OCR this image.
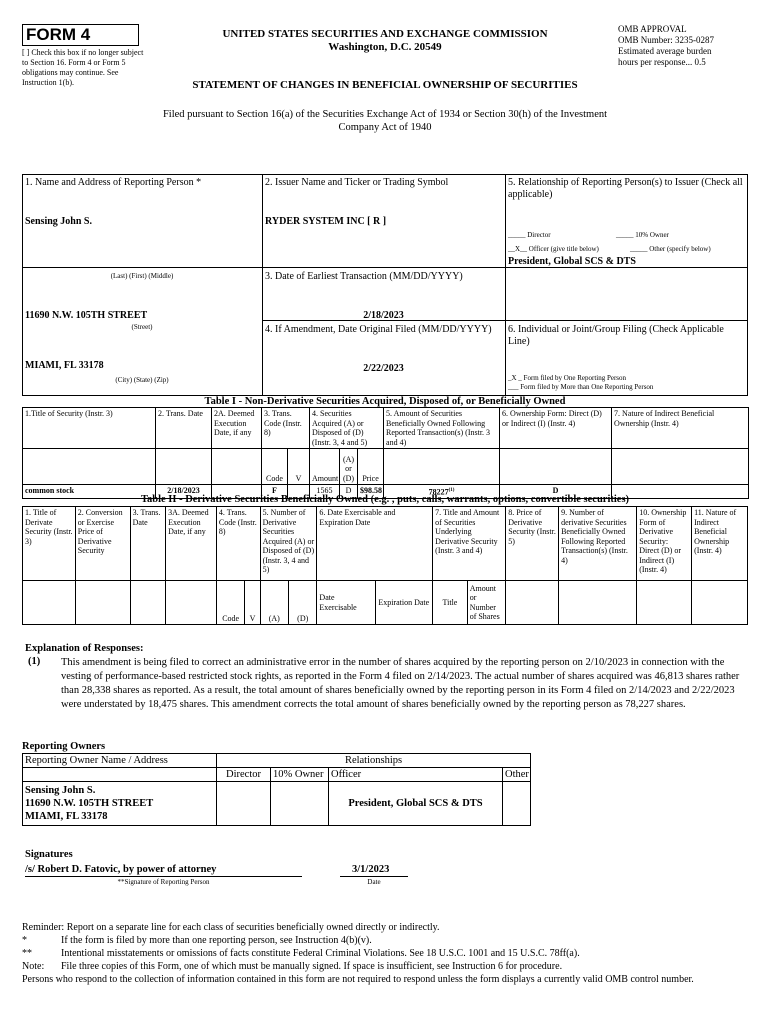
FORM 4
[ ] Check this box if no longer subject to Section 16. Form 4 or Form 5 obligations may continue. See Instruction 1(b).
UNITED STATES SECURITIES AND EXCHANGE COMMISSION
Washington, D.C. 20549
OMB APPROVAL
OMB Number: 3235-0287
Estimated average burden
hours per response... 0.5
STATEMENT OF CHANGES IN BENEFICIAL OWNERSHIP OF SECURITIES
Filed pursuant to Section 16(a) of the Securities Exchange Act of 1934 or Section 30(h) of the Investment Company Act of 1940
1. Name and Address of Reporting Person *
Sensing John S.
(Last) (First) (Middle)
11690 N.W. 105TH STREET
(Street)
MIAMI, FL 33178
(City) (State) (Zip)
2. Issuer Name and Ticker or Trading Symbol
RYDER SYSTEM INC [ R ]
3. Date of Earliest Transaction (MM/DD/YYYY)
2/18/2023
4. If Amendment, Date Original Filed (MM/DD/YYYY)
2/22/2023
5. Relationship of Reporting Person(s) to Issuer (Check all applicable)
_____ Director	_____ 10% Owner
__X__ Officer (give title below)	_____ Other (specify below)
President, Global SCS & DTS
6. Individual or Joint/Group Filing (Check Applicable Line)
_X _ Form filed by One Reporting Person
___ Form filed by More than One Reporting Person
Table I - Non-Derivative Securities Acquired, Disposed of, or Beneficially Owned
1.Title of Security (Instr. 3)	2. Trans. Date	2A. Deemed Execution Date, if any	3. Trans. Code (Instr. 8)		4. Securities Acquired (A) or Disposed of (D) (Instr. 3, 4 and 5)			5. Amount of Securities Beneficially Owned Following Reported Transaction(s) (Instr. 3 and 4)	6. Ownership Form: Direct (D) or Indirect (I) (Instr. 4)	7. Nature of Indirect Beneficial Ownership (Instr. 4)
			Code	V	Amount	(A) or (D)	Price			
common stock	2/18/2023		F		1565	D	$98.58	78227$^{(1)}$	D	
Table II - Derivative Securities Beneficially Owned (e.g. , puts, calls, warrants, options, convertible securities)
1. Title of Derivate Security (Instr. 3)	2. Conversion or Exercise Price of Derivative Security	3. Trans. Date	3A. Deemed Execution Date, if any	4. Trans. Code (Instr. 8)		5. Number of Derivative Securities Acquired (A) or Disposed of (D) (Instr. 3, 4 and 5)		6. Date Exercisable and Expiration Date		7. Title and Amount of Securities Underlying Derivative Security (Instr. 3 and 4)		8. Price of Derivative Security (Instr. 5)	9. Number of derivative Securities Beneficially Owned Following Reported Transaction(s) (Instr. 4)	10. Ownership Form of Derivative Security: Direct (D) or Indirect (I) (Instr. 4)	11. Nature of Indirect Beneficial Ownership (Instr. 4)
				Code	V	(A)	(D)	Date Exercisable	Expiration Date	Title	Amount or Number of Shares				
Explanation of Responses:
(1) This amendment is being filed to correct an administrative error in the number of shares acquired by the reporting person on 2/10/2023 in connection with the vesting of performance-based restricted stock rights, as reported in the Form 4 filed on 2/14/2023. The actual number of shares acquired was 46,813 shares rather than 28,338 shares as reported. As a result, the total amount of shares beneficially owned by the reporting person in its Form 4 filed on 2/14/2023 and 2/22/2023 were understated by 18,475 shares. This amendment corrects the total amount of shares beneficially owned by the reporting person as 78,227 shares.
Reporting Owners
Reporting Owner Name / Address	Relationships			
	Director	10% Owner	Officer	Other

Sensing John S.
11690 N.W. 105TH STREET
MIAMI, FL 33178			President, Global SCS & DTS	
Signatures
/s/ Robert D. Fatovic, by power of attorney
**Signature of Reporting Person
3/1/2023
Date
Reminder: Report on a separate line for each class of securities beneficially owned directly or indirectly.
*	If the form is filed by more than one reporting person, see Instruction 4(b)(v).
**	Intentional misstatements or omissions of facts constitute Federal Criminal Violations. See 18 U.S.C. 1001 and 15 U.S.C. 78ff(a).
Note:	File three copies of this Form, one of which must be manually signed. If space is insufficient, see Instruction 6 for procedure.
Persons who respond to the collection of information contained in this form are not required to respond unless the form displays a currently valid OMB control number.
